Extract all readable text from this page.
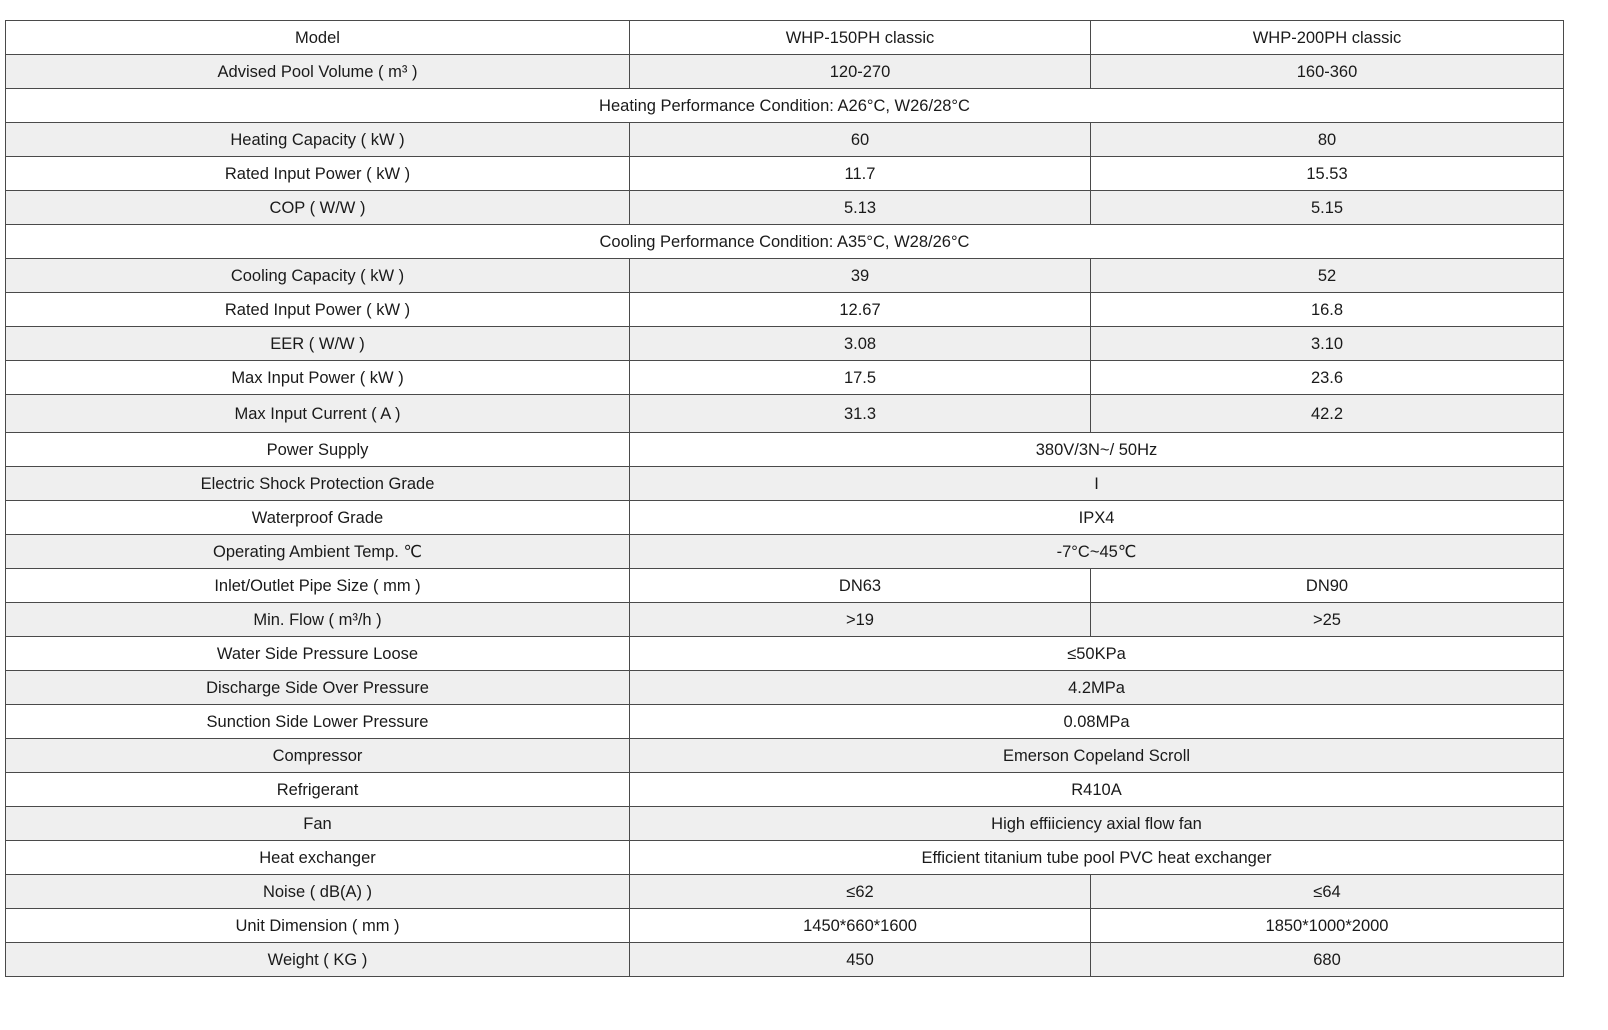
Model	WHP-150PH classic	WHP-200PH classic
Advised Pool Volume ( m³ )	120-270	160-360
Heating Performance Condition: A26°C, W26/28°C		
Heating Capacity ( kW )	60	80
Rated Input Power ( kW )	11.7	15.53
COP ( W/W )	5.13	5.15
Cooling Performance Condition: A35°C, W28/26°C		
Cooling Capacity ( kW )	39	52
Rated Input Power ( kW )	12.67	16.8
EER ( W/W )	3.08	3.10
Max Input Power ( kW )	17.5	23.6
Max Input Current ( A )	31.3	42.2
Power Supply	380V/3N~/ 50Hz	
Electric Shock Protection Grade	I	
Waterproof Grade	IPX4	
Operating Ambient Temp. ℃	-7°C~45℃	
Inlet/Outlet Pipe Size ( mm )	DN63	DN90
Min. Flow ( m³/h )	>19	>25
Water Side Pressure Loose	≤50KPa	
Discharge Side Over Pressure	4.2MPa	
Sunction Side Lower Pressure	0.08MPa	
Compressor	Emerson Copeland Scroll	
Refrigerant	R410A	
Fan	High effiiciency axial flow fan	
Heat exchanger	Efficient titanium tube pool PVC heat exchanger	
Noise ( dB(A) )	≤62	≤64
Unit Dimension ( mm )	1450*660*1600	1850*1000*2000
Weight ( KG )	450	680
